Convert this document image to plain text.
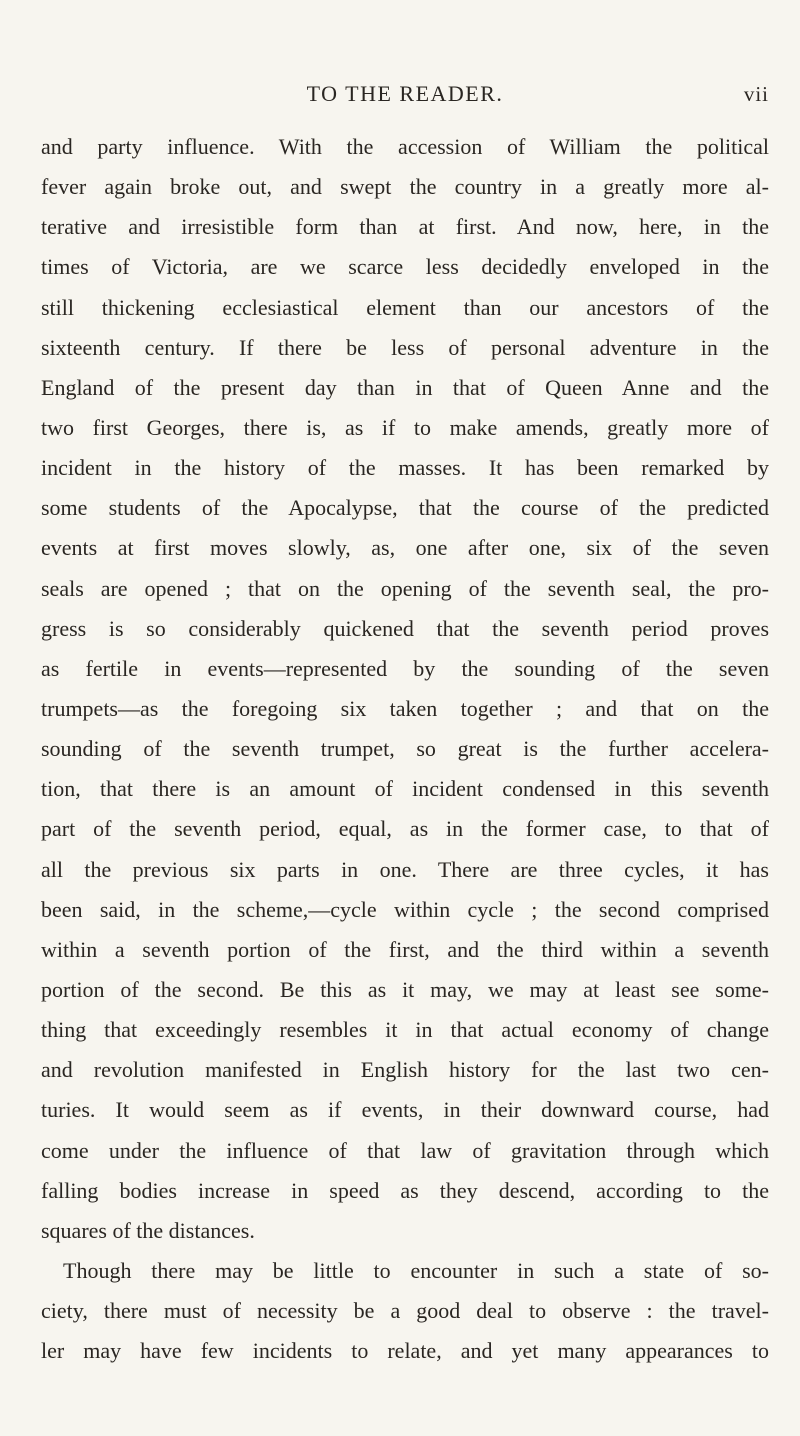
TO THE READER.	vii
and party influence. With the accession of William the political
fever again broke out, and swept the country in a greatly more al-
terative and irresistible form than at first. And now, here, in the
times of Victoria, are we scarce less decidedly enveloped in the
still thickening ecclesiastical element than our ancestors of the
sixteenth century. If there be less of personal adventure in the
England of the present day than in that of Queen Anne and the
two first Georges, there is, as if to make amends, greatly more of
incident in the history of the masses. It has been remarked by
some students of the Apocalypse, that the course of the predicted
events at first moves slowly, as, one after one, six of the seven
seals are opened ; that on the opening of the seventh seal, the pro-
gress is so considerably quickened that the seventh period proves
as fertile in events—represented by the sounding of the seven
trumpets—as the foregoing six taken together ; and that on the
sounding of the seventh trumpet, so great is the further accelera-
tion, that there is an amount of incident condensed in this seventh
part of the seventh period, equal, as in the former case, to that of
all the previous six parts in one. There are three cycles, it has
been said, in the scheme,—cycle within cycle ; the second comprised
within a seventh portion of the first, and the third within a seventh
portion of the second. Be this as it may, we may at least see some-
thing that exceedingly resembles it in that actual economy of change
and revolution manifested in English history for the last two cen-
turies. It would seem as if events, in their downward course, had
come under the influence of that law of gravitation through which
falling bodies increase in speed as they descend, according to the
squares of the distances.
Though there may be little to encounter in such a state of so-
ciety, there must of necessity be a good deal to observe : the travel-
ler may have few incidents to relate, and yet many appearances to
